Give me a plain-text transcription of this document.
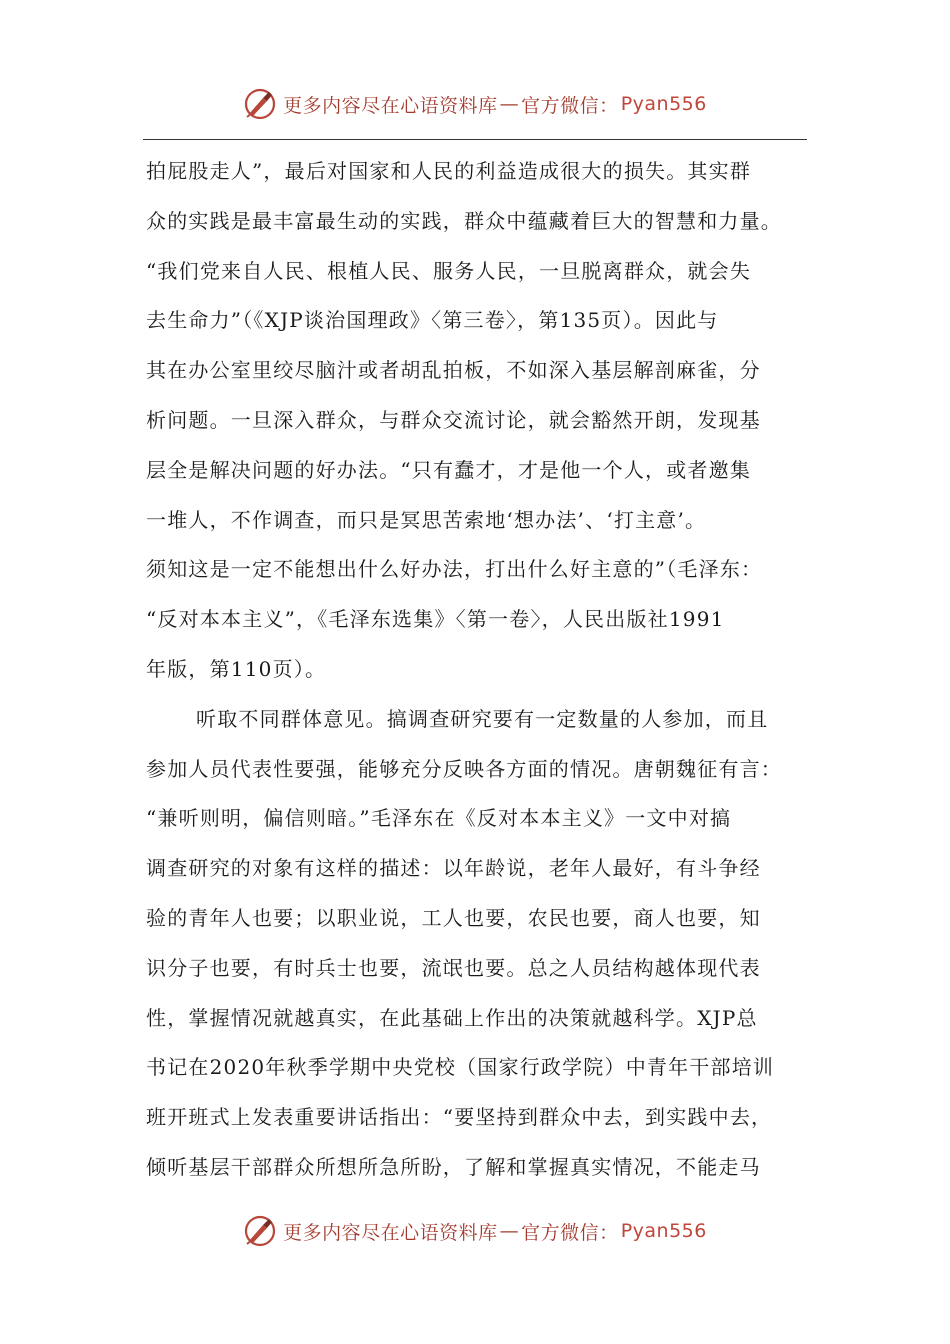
更多内容尽在心语资料库 — 官方微信： Pyan556
拍屁股走人”，最后对国家和人民的利益造成很大的损失。其实群
众的实践是最丰富最生动的实践，群众中蕴藏着巨大的智慧和力量。
“我们党来自人民、根植人民、服务人民，一旦脱离群众，就会失
去生命力”（《XJP谈治国理政》〈第三卷〉，第135页）。因此与
其在办公室里绞尽脑汁或者胡乱拍板，不如深入基层解剖麻雀，分
析问题。一旦深入群众，与群众交流讨论，就会豁然开朗，发现基
层全是解决问题的好办法。“只有蠢才，才是他一个人，或者邀集
一堆人，不作调查，而只是冥思苦索地‘想办法’、‘打主意’。
须知这是一定不能想出什么好办法，打出什么好主意的”（毛泽东：
“反对本本主义”，《毛泽东选集》〈第一卷〉，人民出版社1991
年版，第110页）。
听取不同群体意见。搞调查研究要有一定数量的人参加，而且
参加人员代表性要强，能够充分反映各方面的情况。唐朝魏征有言：
“兼听则明，偏信则暗。”毛泽东在《反对本本主义》一文中对搞
调查研究的对象有这样的描述：以年龄说，老年人最好，有斗争经
验的青年人也要；以职业说，工人也要，农民也要，商人也要，知
识分子也要，有时兵士也要，流氓也要。总之人员结构越体现代表
性，掌握情况就越真实，在此基础上作出的决策就越科学。XJP总
书记在2020年秋季学期中央党校（国家行政学院）中青年干部培训
班开班式上发表重要讲话指出：“要坚持到群众中去，到实践中去，
倾听基层干部群众所想所急所盼，了解和掌握真实情况，不能走马
更多内容尽在心语资料库 — 官方微信： Pyan556
